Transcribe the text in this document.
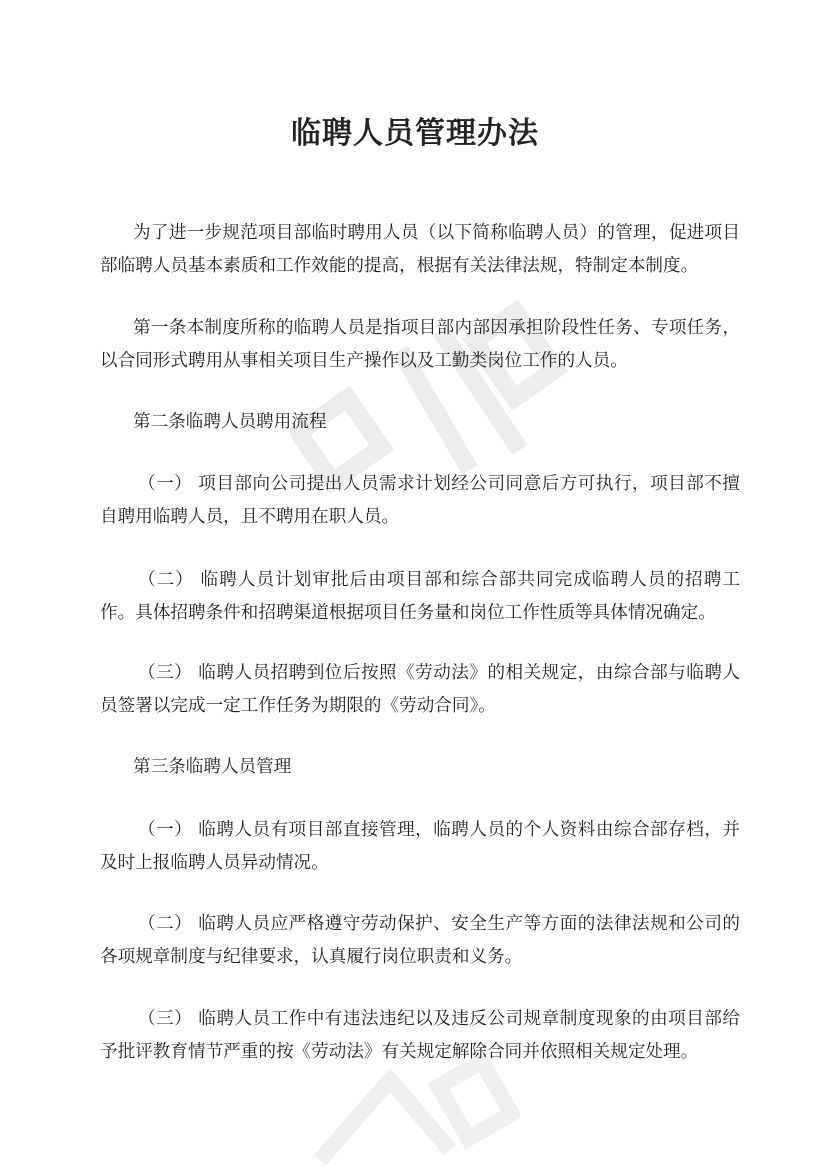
临聘人员管理办法

为了进一步规范项目部临时聘用人员（以下简称临聘人员）的管理，促进项目部临聘人员基本素质和工作效能的提高，根据有关法律法规，特制定本制度。

第一条本制度所称的临聘人员是指项目部内部因承担阶段性任务、专项任务，以合同形式聘用从事相关项目生产操作以及工勤类岗位工作的人员。

第二条临聘人员聘用流程

（一） 项目部向公司提出人员需求计划经公司同意后方可执行，项目部不擅自聘用临聘人员，且不聘用在职人员。

（二） 临聘人员计划审批后由项目部和综合部共同完成临聘人员的招聘工作。具体招聘条件和招聘渠道根据项目任务量和岗位工作性质等具体情况确定。

（三） 临聘人员招聘到位后按照《劳动法》的相关规定，由综合部与临聘人员签署以完成一定工作任务为期限的《劳动合同》。

第三条临聘人员管理

（一） 临聘人员有项目部直接管理，临聘人员的个人资料由综合部存档，并及时上报临聘人员异动情况。

（二） 临聘人员应严格遵守劳动保护、安全生产等方面的法律法规和公司的各项规章制度与纪律要求，认真履行岗位职责和义务。

（三） 临聘人员工作中有违法违纪以及违反公司规章制度现象的由项目部给予批评教育情节严重的按《劳动法》有关规定解除合同并依照相关规定处理。
